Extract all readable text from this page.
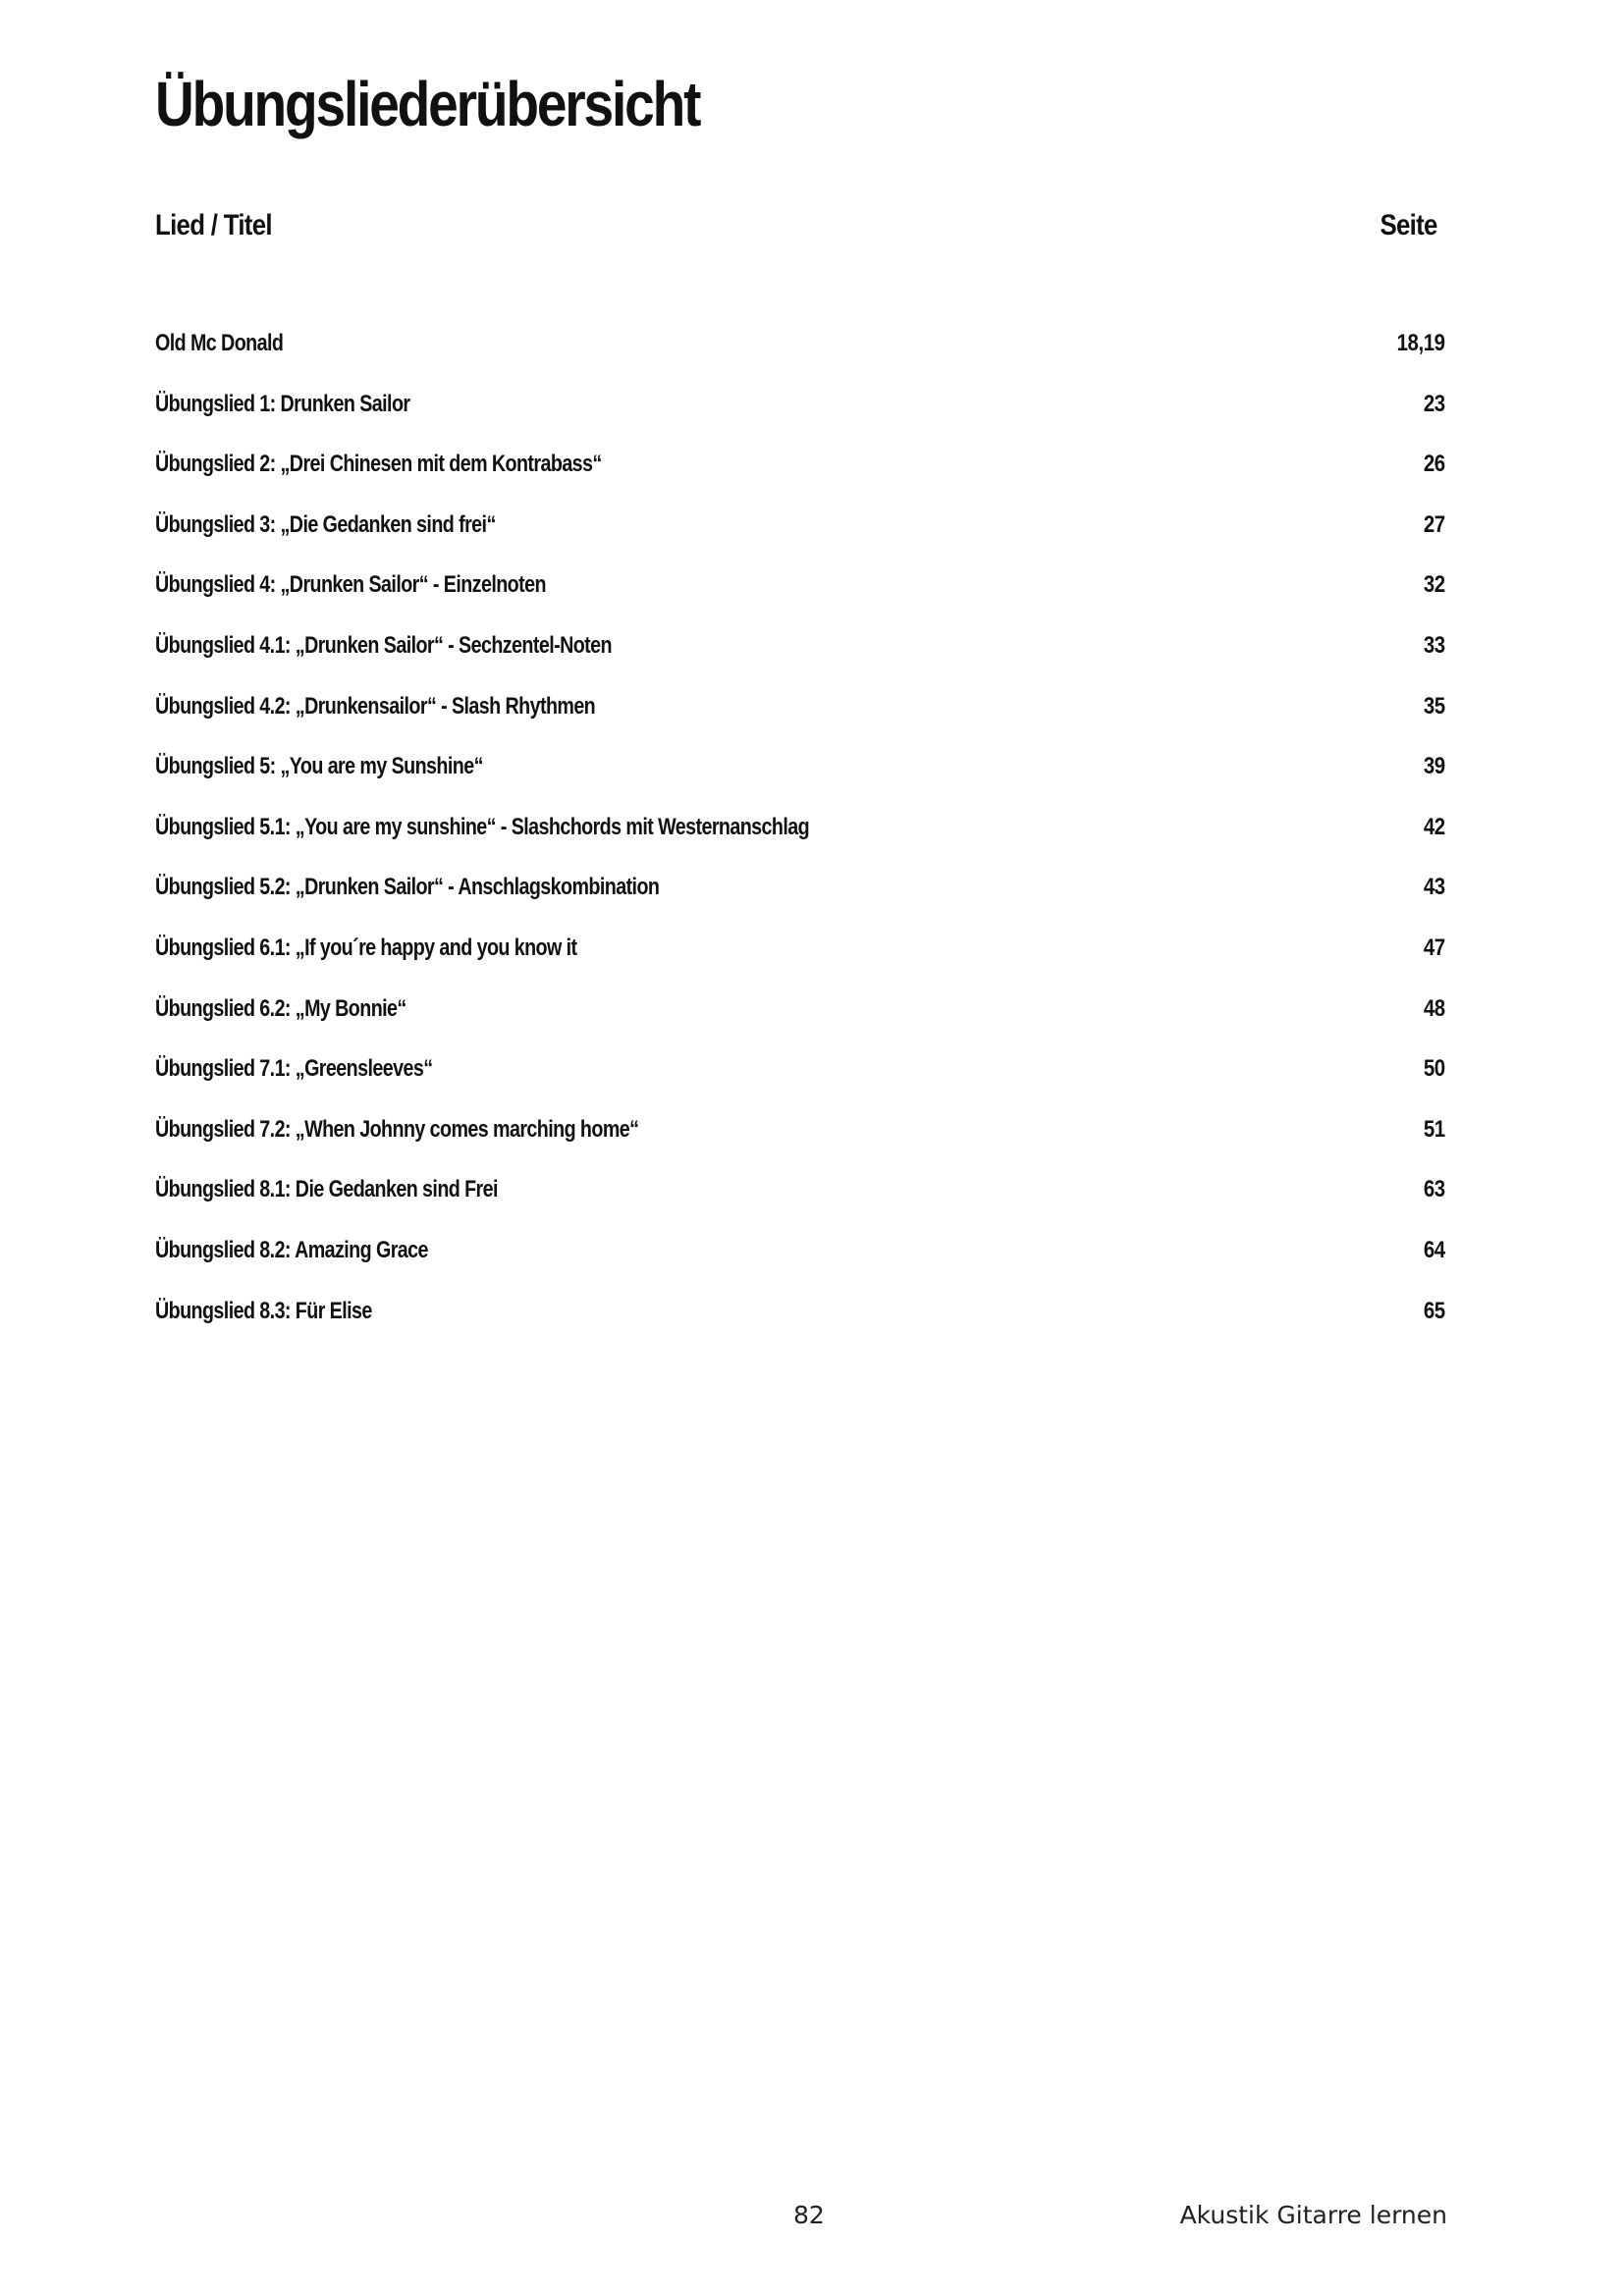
Übungsliederübersicht
Lied / Titel	Seite
Old Mc Donald	18,19
Übungslied 1: Drunken Sailor	23
Übungslied 2: „Drei Chinesen mit dem Kontrabass“	26
Übungslied 3: „Die Gedanken sind frei“	27
Übungslied 4: „Drunken Sailor“ - Einzelnoten	32
Übungslied 4.1: „Drunken Sailor“ - Sechzentel-Noten	33
Übungslied 4.2: „Drunkensailor“ - Slash Rhythmen	35
Übungslied 5: „You are my Sunshine“	39
Übungslied 5.1: „You are my sunshine“ - Slashchords mit Westernanschlag	42
Übungslied 5.2: „Drunken Sailor“ - Anschlagskombination	43
Übungslied 6.1: „If you´re happy and you know it	47
Übungslied 6.2: „My Bonnie“	48
Übungslied 7.1: „Greensleeves“	50
Übungslied 7.2: „When Johnny comes marching home“	51
Übungslied 8.1: Die Gedanken sind Frei	63
Übungslied 8.2: Amazing Grace	64
Übungslied 8.3: Für Elise	65
82	Akustik Gitarre lernen
